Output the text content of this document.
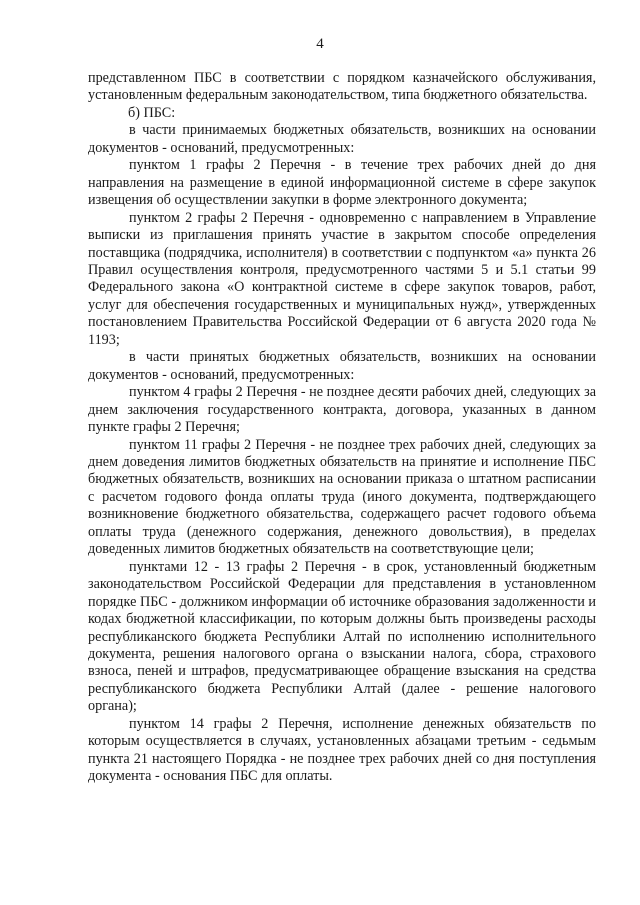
4

представленном ПБС в соответствии с порядком казначейского обслуживания, установленным федеральным законодательством, типа бюджетного обязательства.

б) ПБС:

в части принимаемых бюджетных обязательств, возникших на основании документов - оснований, предусмотренных:

пунктом 1 графы 2 Перечня - в течение трех рабочих дней до дня направления на размещение в единой информационной системе в сфере закупок извещения об осуществлении закупки в форме электронного документа;

пунктом 2 графы 2 Перечня - одновременно с направлением в Управление выписки из приглашения принять участие в закрытом способе определения поставщика (подрядчика, исполнителя) в соответствии с подпунктом «а» пункта 26 Правил осуществления контроля, предусмотренного частями 5 и 5.1 статьи 99 Федерального закона «О контрактной системе в сфере закупок товаров, работ, услуг для обеспечения государственных и муниципальных нужд», утвержденных постановлением Правительства Российской Федерации от 6 августа 2020 года № 1193;

в части принятых бюджетных обязательств, возникших на основании документов - оснований, предусмотренных:

пунктом 4 графы 2 Перечня - не позднее десяти рабочих дней, следующих за днем заключения государственного контракта, договора, указанных в данном пункте графы 2 Перечня;

пунктом 11 графы 2 Перечня - не позднее трех рабочих дней, следующих за днем доведения лимитов бюджетных обязательств на принятие и исполнение ПБС бюджетных обязательств, возникших на основании приказа о штатном расписании с расчетом годового фонда оплаты труда (иного документа, подтверждающего возникновение бюджетного обязательства, содержащего расчет годового объема оплаты труда (денежного содержания, денежного довольствия), в пределах доведенных лимитов бюджетных обязательств на соответствующие цели;

пунктами 12 - 13 графы 2 Перечня - в срок, установленный бюджетным законодательством Российской Федерации для представления в установленном порядке ПБС - должником информации об источнике образования задолженности и кодах бюджетной классификации, по которым должны быть произведены расходы республиканского бюджета Республики Алтай по исполнению исполнительного документа, решения налогового органа о взыскании налога, сбора, страхового взноса, пеней и штрафов, предусматривающее обращение взыскания на средства республиканского бюджета Республики Алтай (далее - решение налогового органа);

пунктом 14 графы 2 Перечня, исполнение денежных обязательств по которым осуществляется в случаях, установленных абзацами третьим - седьмым пункта 21 настоящего Порядка - не позднее трех рабочих дней со дня поступления документа - основания ПБС для оплаты.
